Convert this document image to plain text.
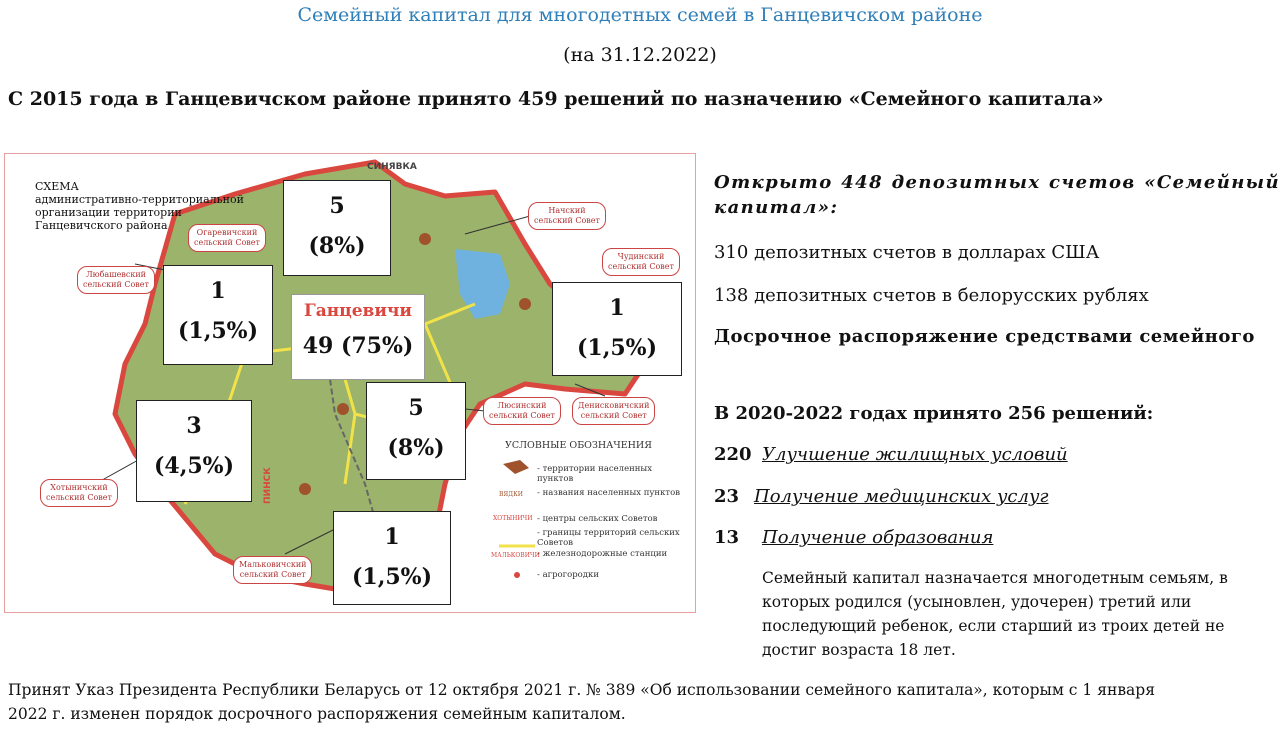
Семейный капитал для многодетных семей в Ганцевичском районе
(на 31.12.2022)
С 2015 года в Ганцевичском районе принято 459 решений по назначению «Семейного капитала»
СХЕМА
административно-территориальной
организации территории
Ганцевичского района
СИНЯВКА
ПИНСК
Любашевский
сельский Совет
Огаревичский
сельский Совет
Начский
сельский Совет
Чудинский
сельский Совет
Люсинский
сельский Совет
Денисковичский
сельский Совет
Хотыничский
сельский Совет
Мальковичский
сельский Совет
УСЛОВНЫЕ ОБОЗНАЧЕНИЯ
- территории населенных пунктов
ВЯДКИ - названия населенных пунктов
ХОТЫНИЧИ - центры сельских Советов
- границы территорий сельских Советов
МАЛЬКОВИЧИ
- железнодорожные станции
- агрогородки
Ганцевичи
49 (75%)
5
(8%)
1
(1,5%)
1
(1,5%)
3
(4,5%)
5
(8%)
1
(1,5%)
Открыто 448 депозитных счетов «Семейный капитал»:
310 депозитных счетов в долларах США
138 депозитных счетов в белорусских рублях
Досрочное распоряжение средствами семейного
В 2020-2022 годах принято 256 решений:
220 Улучшение жилищных условий
23 Получение медицинских услуг
13 Получение образования
Семейный капитал назначается многодетным семьям, в которых родился (усыновлен, удочерен) третий или последующий ребенок, если старший из троих детей не достиг возраста 18 лет.
Принят Указ Президента Республики Беларусь от 12 октября 2021 г. № 389 «Об использовании семейного капитала», которым с 1 января
2022 г. изменен порядок досрочного распоряжения семейным капиталом.
